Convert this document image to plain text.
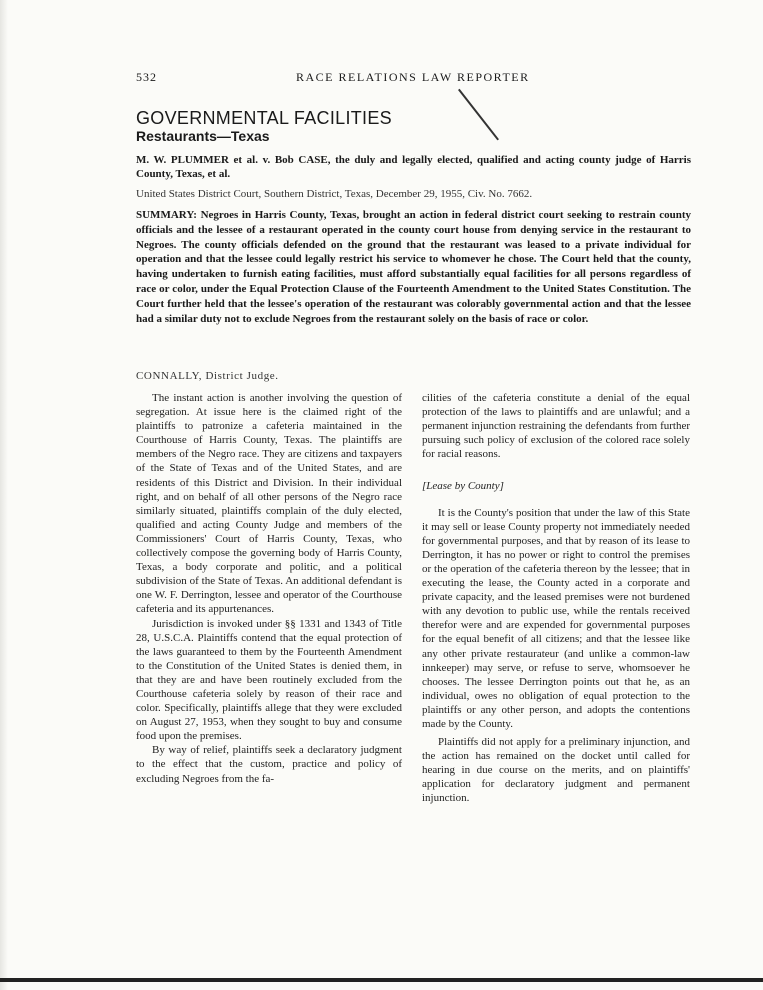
532	RACE RELATIONS LAW REPORTER
GOVERNMENTAL FACILITIES
Restaurants—Texas
M. W. PLUMMER et al. v. Bob CASE, the duly and legally elected, qualified and acting county judge of Harris County, Texas, et al.
United States District Court, Southern District, Texas, December 29, 1955, Civ. No. 7662.
SUMMARY: Negroes in Harris County, Texas, brought an action in federal district court seeking to restrain county officials and the lessee of a restaurant operated in the county court house from denying service in the restaurant to Negroes. The county officials defended on the ground that the restaurant was leased to a private individual for operation and that the lessee could legally restrict his service to whomever he chose. The Court held that the county, having undertaken to furnish eating facilities, must afford substantially equal facilities for all persons regardless of race or color, under the Equal Protection Clause of the Fourteenth Amendment to the United States Constitution. The Court further held that the lessee's operation of the restaurant was colorably governmental action and that the lessee had a similar duty not to exclude Negroes from the restaurant solely on the basis of race or color.
CONNALLY, District Judge.

The instant action is another involving the question of segregation. At issue here is the claimed right of the plaintiffs to patronize a cafeteria maintained in the Courthouse of Harris County, Texas. The plaintiffs are members of the Negro race. They are citizens and taxpayers of the State of Texas and of the United States, and are residents of this District and Division. In their individual right, and on behalf of all other persons of the Negro race similarly situated, plaintiffs complain of the duly elected, qualified and acting County Judge and members of the Commissioners' Court of Harris County, Texas, who collectively compose the governing body of Harris County, Texas, a body corporate and politic, and a political subdivision of the State of Texas. An additional defendant is one W. F. Derrington, lessee and operator of the Courthouse cafeteria and its appurtenances.

Jurisdiction is invoked under §§ 1331 and 1343 of Title 28, U.S.C.A. Plaintiffs contend that the equal protection of the laws guaranteed to them by the Fourteenth Amendment to the Constitution of the United States is denied them, in that they are and have been routinely excluded from the Courthouse cafeteria solely by reason of their race and color. Specifically, plaintiffs allege that they were excluded on August 27, 1953, when they sought to buy and consume food upon the premises.

By way of relief, plaintiffs seek a declaratory judgment to the effect that the custom, practice and policy of excluding Negroes from the fa-

cilities of the cafeteria constitute a denial of the equal protection of the laws to plaintiffs and are unlawful; and a permanent injunction restraining the defendants from further pursuing such policy of exclusion of the colored race solely for racial reasons.

[Lease by County]

It is the County's position that under the law of this State it may sell or lease County property not immediately needed for governmental purposes, and that by reason of its lease to Derrington, it has no power or right to control the premises or the operation of the cafeteria thereon by the lessee; that in executing the lease, the County acted in a corporate and private capacity, and the leased premises were not burdened with any devotion to public use, while the rentals received therefor were and are expended for governmental purposes for the equal benefit of all citizens; and that the lessee like any other private restaurateur (and unlike a common-law innkeeper) may serve, or refuse to serve, whomsoever he chooses. The lessee Derrington points out that he, as an individual, owes no obligation of equal protection to the plaintiffs or any other person, and adopts the contentions made by the County.

Plaintiffs did not apply for a preliminary injunction, and the action has remained on the docket until called for hearing in due course on the merits, and on plaintiffs' application for declaratory judgment and permanent injunction.
